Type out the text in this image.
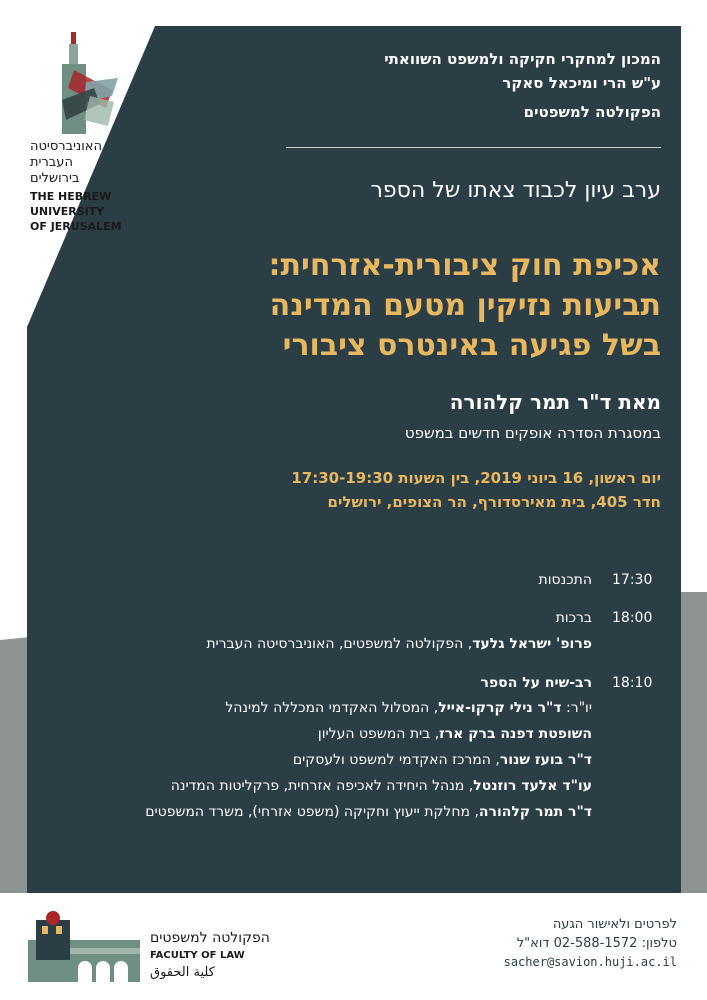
האוניברסיטה
העברית
בירושלים
THE HEBREW
UNIVERSITY
OF JERUSALEM
המכון למחקרי חקיקה ולמשפט השוואתי
ע"ש הרי ומיכאל סאקר
הפקולטה למשפטים
ערב עיון לכבוד צאתו של הספר
אכיפת חוק ציבורית-אזרחית:
תביעות נזיקין מטעם המדינה
בשל פגיעה באינטרס ציבורי
מאת ד"ר תמר קלהורה
במסגרת הסדרה אופקים חדשים במשפט
יום ראשון, 16 ביוני 2019, בין השעות 17:30-19:30
חדר 405, בית מאירסדורף, הר הצופים, ירושלים
17:30
התכנסות
18:00
ברכות
פרופ' ישראל גלעד, הפקולטה למשפטים, האוניברסיטה העברית
18:10
רב-שיח על הספר
יו"ר: ד"ר נילי קרקו-אייל, המסלול האקדמי המכללה למינהל
השופטת דפנה ברק ארז, בית המשפט העליון
ד"ר בועז שנור, המרכז האקדמי למשפט ולעסקים
עו"ד אלעד רוזנטל, מנהל היחידה לאכיפה אזרחית, פרקליטות המדינה
ד"ר תמר קלהורה, מחלקת ייעוץ וחקיקה (משפט אזרחי), משרד המשפטים
הפקולטה למשפטים
FACULTY OF LAW
كلية الحقوق
לפרטים ולאישור הגעה
טלפון: 02-588-1572 דוא"ל
sacher@savion.huji.ac.il
